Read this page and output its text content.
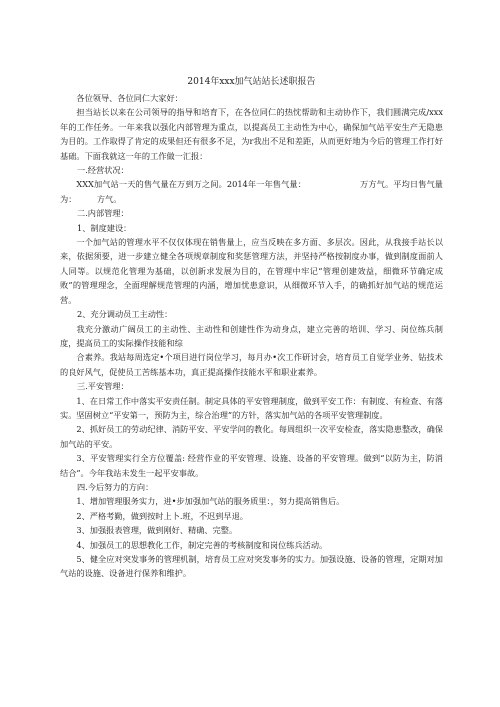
2014年xxx加气站站长述职报告

各位领导、各位同仁大家好：

担当站长以来在公司领导的指导和培育下，在各位同仁的热忱帮助和主动协作下，我们圆满完成/xxx年的工作任务。一年来我以强化内部管理为重点，以提高员工主动性为中心，确保加气站平安生产无隐患为目的。工作取得了肯定的成果但还有很多不足，为r我出不足和差距，从而更好地为今后的管理工作打好基础。下面我就这一年的工作做一汇报：

一.经营状况：

XXX加气站一天的售气量在万到万之间。2014年一年售气量：　　　　　　　万方气。平均日售气量为：　　　方气。

二.内部管理：

1、制度建设：

一个加气站的管理水平不仅仅体现在销售量上，应当反映在多方面、多层次。因此，从我接手站长以来，依据须要，进一步建立健全各项规章制度和奖惩管理方法，并坚持严格按制度办事，做到制度面前人人同等。以规范化管理为基础，以创新求发展为目的，在管理中牢记“管理创建效益，细微环节确定成败”的管理理念，全面理解规范管理的内涵，增加忧患意识，从细微环节入手，的确抓好加气站的规范运营。

2、充分调动员工主动性：

我充分激动广阔员工的主动性、主动性和创建性作为动身点，建立完善的培训、学习、岗位练兵制度，提高员工的实际操作技能和综

合素养。我站每周选定•个项目进行岗位学习，每月办•次工作研讨会，培育员工自觉学业务、钻技术的良好风气，促使员工苦练基本功，真正提高操作技能水平和职业素养。

三.平安管理：

1、在日常工作中落实平安责任制。制定具体的平安管理制度，做到平安工作：有制度、有检查、有落实。坚固树立“平安第一，预防为主，综合治理”的方针，落实加气站的各项平安管理制度。

2、抓好员工的劳动纪律、消防平安、平安学问的教化。每周组织一次平安检查，落实隐患整改，确保加气站的平安。

3、平安管理实行全方位覆盖: 经营作业的平安管理、设施、设备的平安管理。做到“以防为主，防消结合”。今年我站未发生一起平安事故。

四.今后努力的方向：

1、增加管理服务实力，进•步加强加气站的服务质里：，努力提高销售后。

2、严格考勤，做到按时上卜.班，不迟到早退。

3、加强报表管理，做到刚好、精确、完整。

4、加强员工的思想教化工作，制定完善的考核制度和岗位练兵活动。

5、健全应对突发事务的管理机制，培育员工应对突发事务的实力。加强设施、设备的管理，定期对加气站的设施、设备进行保养和维护。
